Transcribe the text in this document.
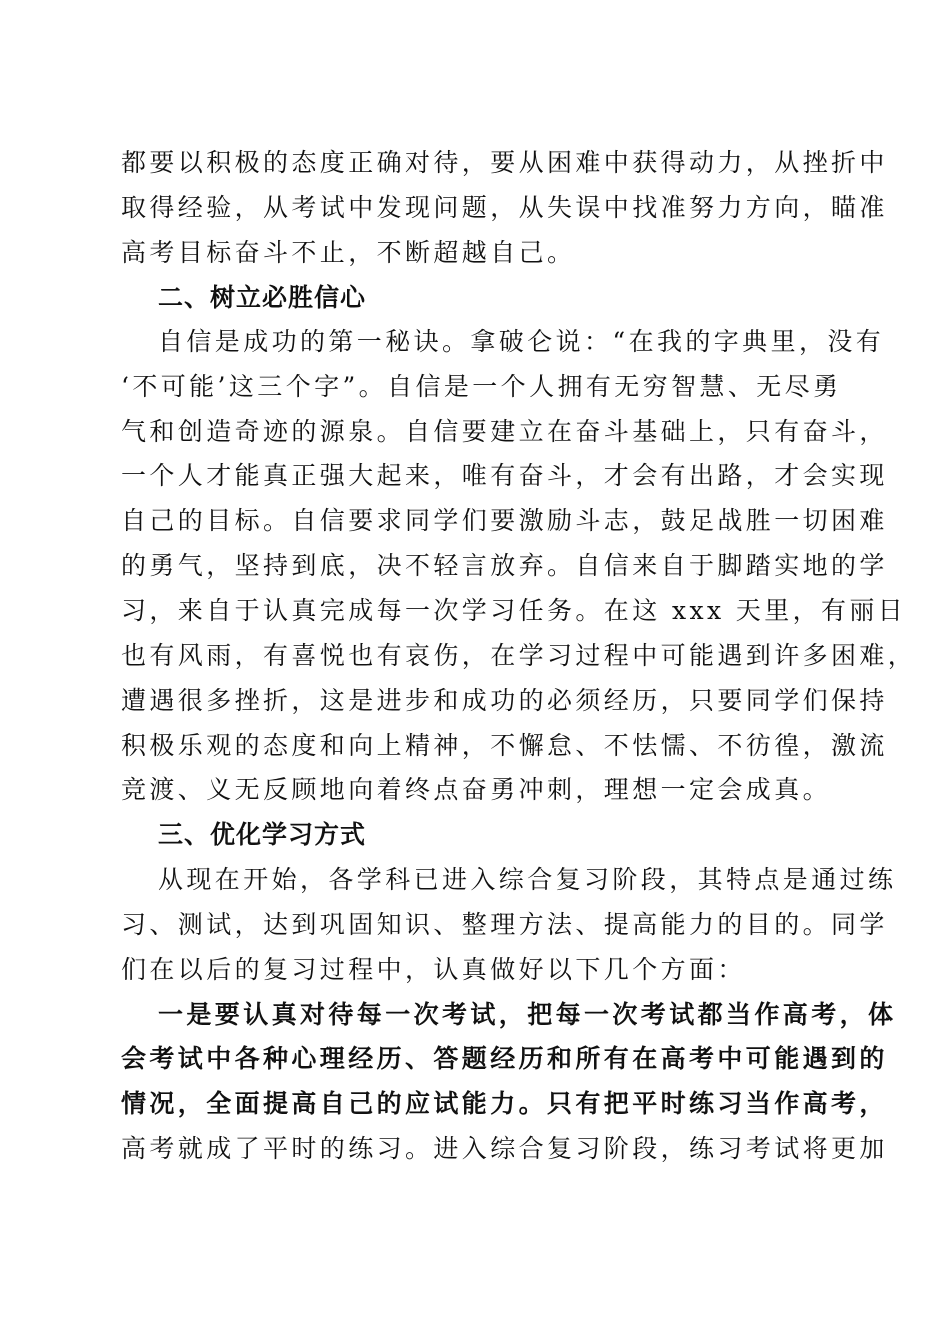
都要以积极的态度正确对待，要从困难中获得动力，从挫折中
取得经验，从考试中发现问题，从失误中找准努力方向，瞄准
高考目标奋斗不止，不断超越自己。
二、树立必胜信心
自信是成功的第一秘诀。拿破仑说：“在我的字典里，没有
‘不可能’这三个字”。自信是一个人拥有无穷智慧、无尽勇
气和创造奇迹的源泉。自信要建立在奋斗基础上，只有奋斗，
一个人才能真正强大起来，唯有奋斗，才会有出路，才会实现
自己的目标。自信要求同学们要激励斗志，鼓足战胜一切困难
的勇气，坚持到底，决不轻言放弃。自信来自于脚踏实地的学
习，来自于认真完成每一次学习任务。在这 xxx 天里，有丽日
也有风雨，有喜悦也有哀伤，在学习过程中可能遇到许多困难，
遭遇很多挫折，这是进步和成功的必须经历，只要同学们保持
积极乐观的态度和向上精神，不懈怠、不怯懦、不彷徨，激流
竞渡、义无反顾地向着终点奋勇冲刺，理想一定会成真。
三、优化学习方式
从现在开始，各学科已进入综合复习阶段，其特点是通过练
习、测试，达到巩固知识、整理方法、提高能力的目的。同学
们在以后的复习过程中，认真做好以下几个方面：
一是要认真对待每一次考试，把每一次考试都当作高考，体
会考试中各种心理经历、答题经历和所有在高考中可能遇到的
情况，全面提高自己的应试能力。只有把平时练习当作高考，
高考就成了平时的练习。进入综合复习阶段，练习考试将更加
